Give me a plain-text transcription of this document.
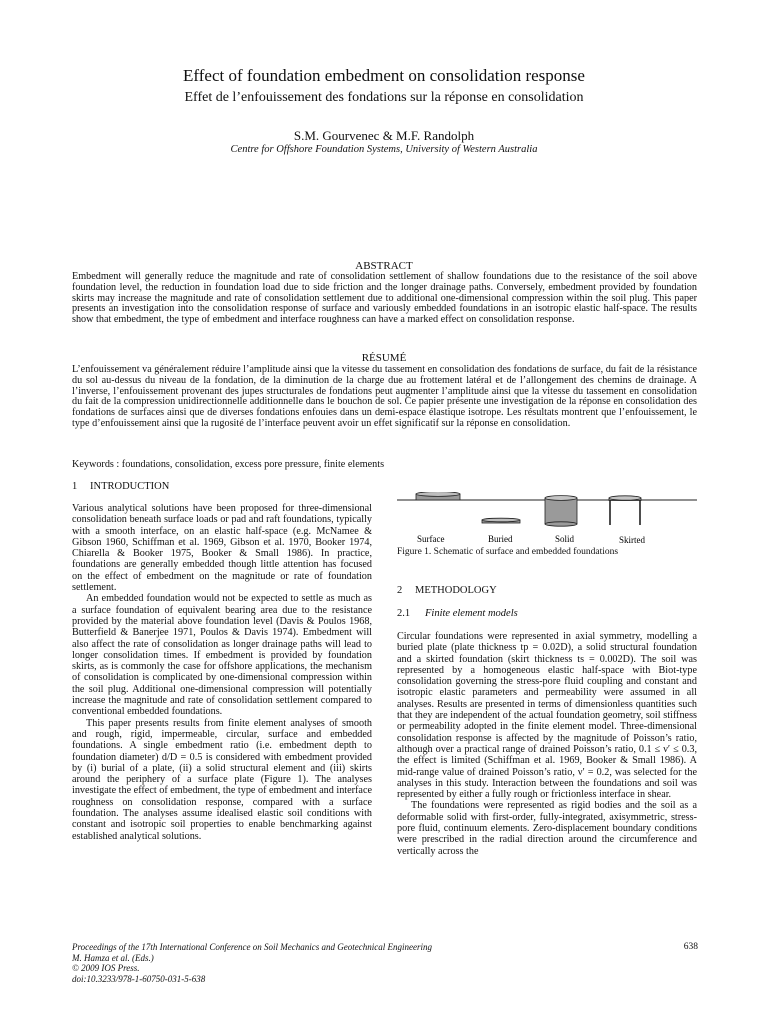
Effect of foundation embedment on consolidation response
Effet de l’enfouissement des fondations sur la réponse en consolidation
S.M. Gourvenec & M.F. Randolph
Centre for Offshore Foundation Systems, University of Western Australia
ABSTRACT

Embedment will generally reduce the magnitude and rate of consolidation settlement of shallow foundations due to the resistance of the soil above foundation level, the reduction in foundation load due to side friction and the longer drainage paths. Conversely, embedment provided by foundation skirts may increase the magnitude and rate of consolidation settlement due to additional one-dimensional compression within the soil plug. This paper presents an investigation into the consolidation response of surface and variously embedded foundations in an isotropic elastic half-space. The results show that embedment, the type of embedment and interface roughness can have a marked effect on consolidation response.

RÉSUMÉ

L’enfouissement va généralement réduire l’amplitude ainsi que la vitesse du tassement en consolidation des fondations de surface, du fait de la résistance du sol au-dessus du niveau de la fondation, de la diminution de la charge due au frottement latéral et de l’allongement des chemins de drainage. A l’inverse, l’enfouissement provenant des jupes structurales de fondations peut augmenter l’amplitude ainsi que la vitesse du tassement en consolidation du fait de la compression unidirectionnelle additionnelle dans le bouchon de sol. Ce papier présente une investigation de la réponse en consolidation des fondations de surfaces ainsi que de diverses fondations enfouies dans un demi-espace élastique isotrope. Les résultats montrent que l’enfouissement, le type d’enfouissement ainsi que la rugosité de l’interface peuvent avoir un effet significatif sur la réponse en consolidation.

Keywords : foundations, consolidation, excess pore pressure, finite elements
1 INTRODUCTION

Various analytical solutions have been proposed for three-dimensional consolidation beneath surface loads or pad and raft foundations, typically with a smooth interface, on an elastic half-space (e.g. McNamee & Gibson 1960, Schiffman et al. 1969, Gibson et al. 1970, Booker 1974, Chiarella & Booker 1975, Booker & Small 1986). In practice, foundations are generally embedded though little attention has focused on the effect of embedment on the magnitude or rate of foundation settlement.

An embedded foundation would not be expected to settle as much as a surface foundation of equivalent bearing area due to the resistance provided by the material above foundation level (Davis & Poulos 1968, Butterfield & Banerjee 1971, Poulos & Davis 1974). Embedment will also affect the rate of consolidation as longer drainage paths will lead to longer consolidation times. If embedment is provided by foundation skirts, as is commonly the case for offshore applications, the mechanism of consolidation is complicated by one-dimensional compression within the soil plug. Additional one-dimensional compression will potentially increase the magnitude and rate of consolidation settlement compared to conventional embedded foundations.

This paper presents results from finite element analyses of smooth and rough, rigid, impermeable, circular, surface and embedded foundations. A single embedment ratio (i.e. embedment depth to foundation diameter) d/D = 0.5 is considered with embedment provided by (i) burial of a plate, (ii) a solid structural element and (iii) skirts around the periphery of a surface plate (Figure 1). The analyses investigate the effect of embedment, the type of embedment and interface roughness on consolidation response, compared with a surface foundation. The analyses assume idealised elastic soil conditions with constant and isotropic soil properties to enable benchmarking against established analytical solutions.

Surface	Buried	Solid	Skirted
Figure 1. Schematic of surface and embedded foundations
2 METHODOLOGY
2.1 Finite element models

Circular foundations were represented in axial symmetry, modelling a buried plate (plate thickness tp = 0.02D), a solid structural foundation and a skirted foundation (skirt thickness ts = 0.002D). The soil was represented by a homogeneous elastic half-space with Biot-type consolidation governing the stress-pore fluid coupling and constant and isotropic elastic parameters and permeability were assumed in all analyses. Results are presented in terms of dimensionless quantities such that they are independent of the actual foundation geometry, soil stiffness or permeability adopted in the finite element model. Three-dimensional consolidation response is affected by the magnitude of Poisson’s ratio, although over a practical range of drained Poisson’s ratio, 0.1 ≤ ν′ ≤ 0.3, the effect is limited (Schiffman et al. 1969, Booker & Small 1986). A mid-range value of drained Poisson’s ratio, ν′ = 0.2, was selected for the analyses in this study. Interaction between the foundations and soil was represented by either a fully rough or frictionless interface in shear.

The foundations were represented as rigid bodies and the soil as a deformable solid with first-order, fully-integrated, axisymmetric, stress-pore fluid, continuum elements. Zero-displacement boundary conditions were prescribed in the radial direction around the circumference and vertically across the

Proceedings of the 17th International Conference on Soil Mechanics and Geotechnical Engineering
M. Hamza et al. (Eds.)
© 2009 IOS Press.
doi:10.3233/978-1-60750-031-5-638
638
